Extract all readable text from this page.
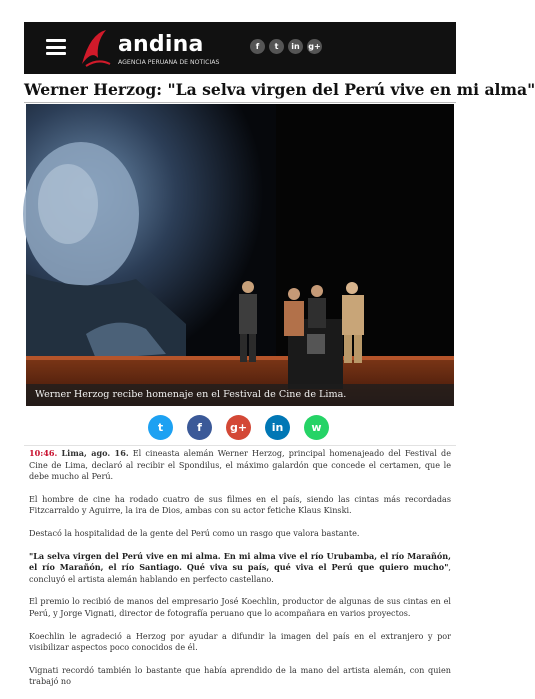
andina
AGENCIA PERUANA DE NOTICIAS
f	t	in	g+
Werner Herzog: "La selva virgen del Perú vive en mi alma"
Werner Herzog recibe homenaje en el Festival de Cine de Lima.
t	f	g+	in	w

10:46. Lima, ago. 16. El cineasta alemán Werner Herzog, principal homenajeado del Festival de Cine de Lima, declaró al recibir el Spondilus, el máximo galardón que concede el certamen, que le debe mucho al Perú.

El hombre de cine ha rodado cuatro de sus filmes en el país, siendo las cintas más recordadas Fitzcarraldo y Aguirre, la ira de Dios, ambas con su actor fetiche Klaus Kinski.

Destacó la hospitalidad de la gente del Perú como un rasgo que valora bastante.

"La selva virgen del Perú vive en mi alma. En mi alma vive el río Urubamba, el río Marañón, el río Marañón, el río Santiago. Qué viva su país, qué viva el Perú que quiero mucho", concluyó el artista alemán hablando en perfecto castellano.

El premio lo recibió de manos del empresario José Koechlin, productor de algunas de sus cintas en el Perú, y Jorge Vignati, director de fotografía peruano que lo acompañara en varios proyectos.

Koechlin le agradeció a Herzog por ayudar a difundir la imagen del país en el extranjero y por visibilizar aspectos poco conocidos de él.

Vignati recordó también lo bastante que había aprendido de la mano del artista alemán, con quien trabajó no
